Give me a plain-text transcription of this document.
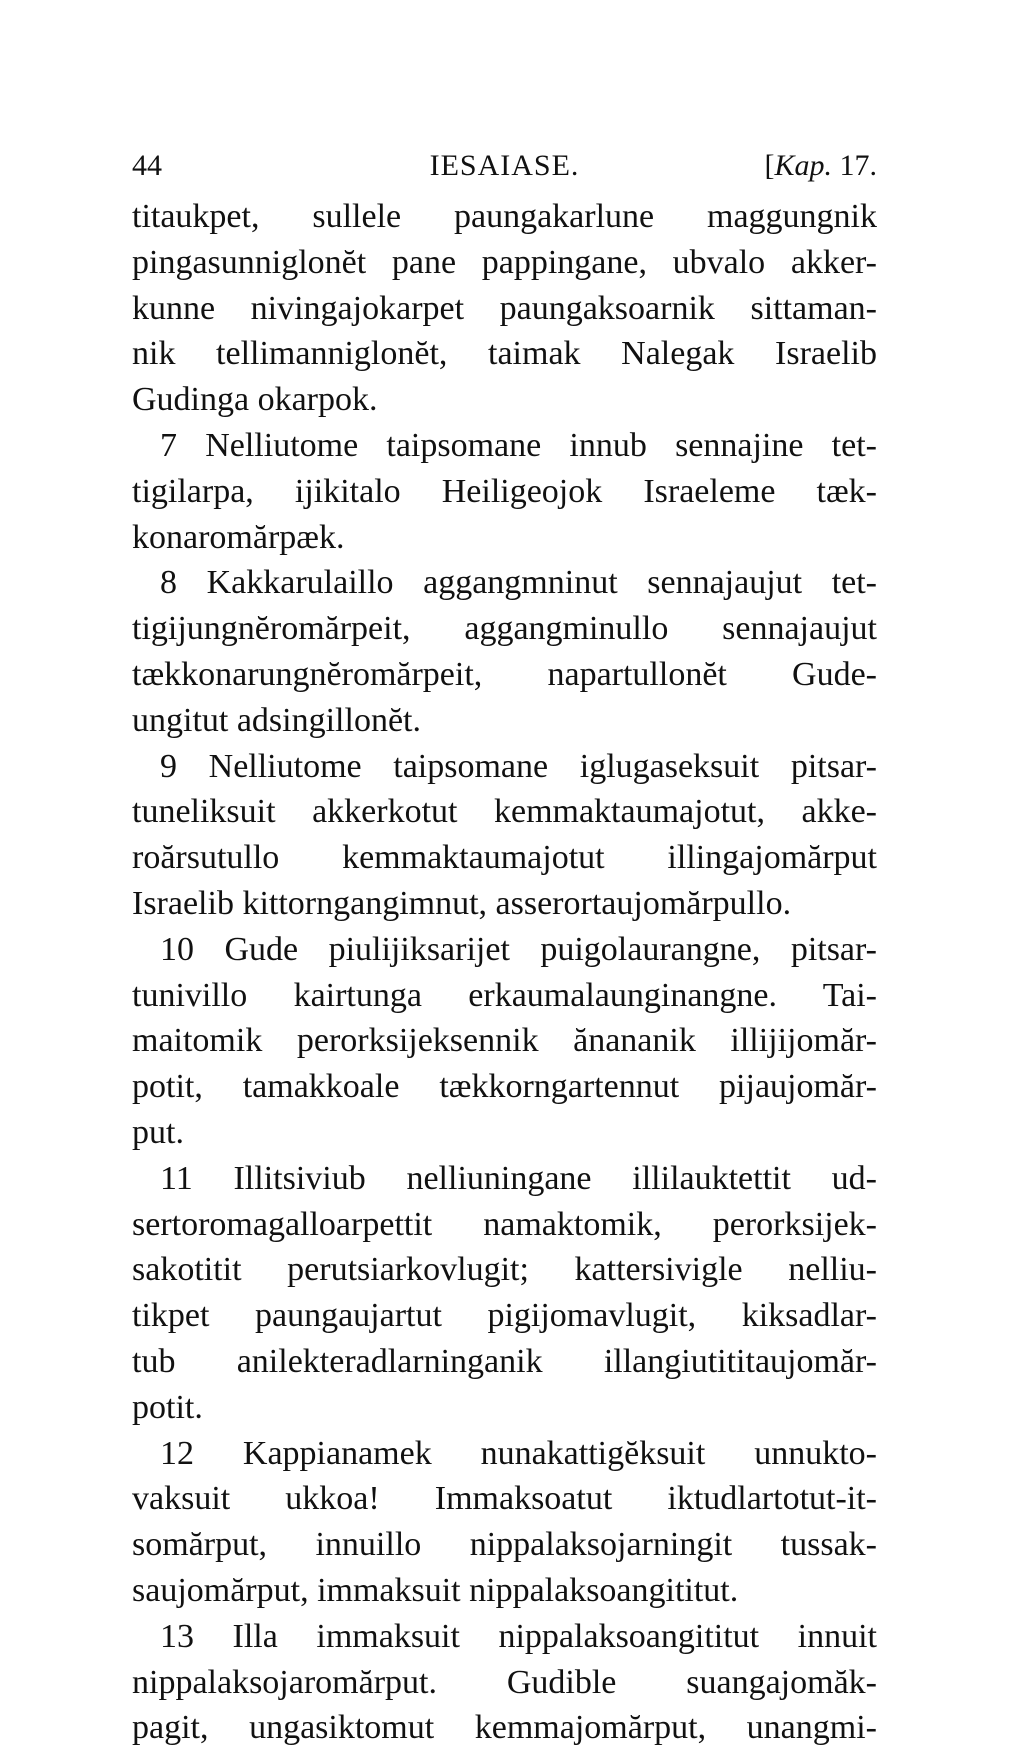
44	IESAIASE.	[Kap. 17.
titaukpet, sullele paungakarlune maggungnik
pingasunniglonĕt pane pappingane, ubvalo akker-
kunne nivingajokarpet paungaksoarnik sittaman-
nik tellimanniglonĕt, taimak Nalegak Israelib
Gudinga okarpok.
7 Nelliutome taipsomane innub sennajine tet-
tigilarpa, ijikitalo Heiligeojok Israeleme tæk-
konaromărpæk.
8 Kakkarulaillo aggangmninut sennajaujut tet-
tigijungnĕromărpeit, aggangminullo sennajaujut
tækkonarungnĕromărpeit, napartullonĕt Gude-
ungitut adsingillonĕt.
9 Nelliutome taipsomane iglugaseksuit pitsar-
tuneliksuit akkerkotut kemmaktaumajotut, akke-
roărsutullo kemmaktaumajotut illingajomărput
Israelib kittorngangimnut, asserortaujomărpullo.
10 Gude piulijiksarijet puigolaurangne, pitsar-
tunivillo kairtunga erkaumalaunginangne. Tai-
maitomik perorksijeksennik ănananik illijijomăr-
potit, tamakkoale tækkorngartennut pijaujomăr-
put.
11 Illitsiviub nelliuningane illilauktettit ud-
sertoromagalloarpettit namaktomik, perorksijek-
sakotitit perutsiarkovlugit; kattersivigle nelliu-
tikpet paungaujartut pigijomavlugit, kiksadlar-
tub anilekteradlarninganik illangiutititaujomăr-
potit.
12 Kappianamek nunakattigĕksuit unnukto-
vaksuit ukkoa! Immaksoatut iktudlartotut-it-
somărput, innuillo nippalaksojarningit tussak-
saujomărput, immaksuit nippalaksoangititut.
13 Illa immaksuit nippalaksoangititut innuit
nippalaksojaromărput. Gudible suangajomăk-
pagit, ungasiktomut kemmajomărput, unangmi-
